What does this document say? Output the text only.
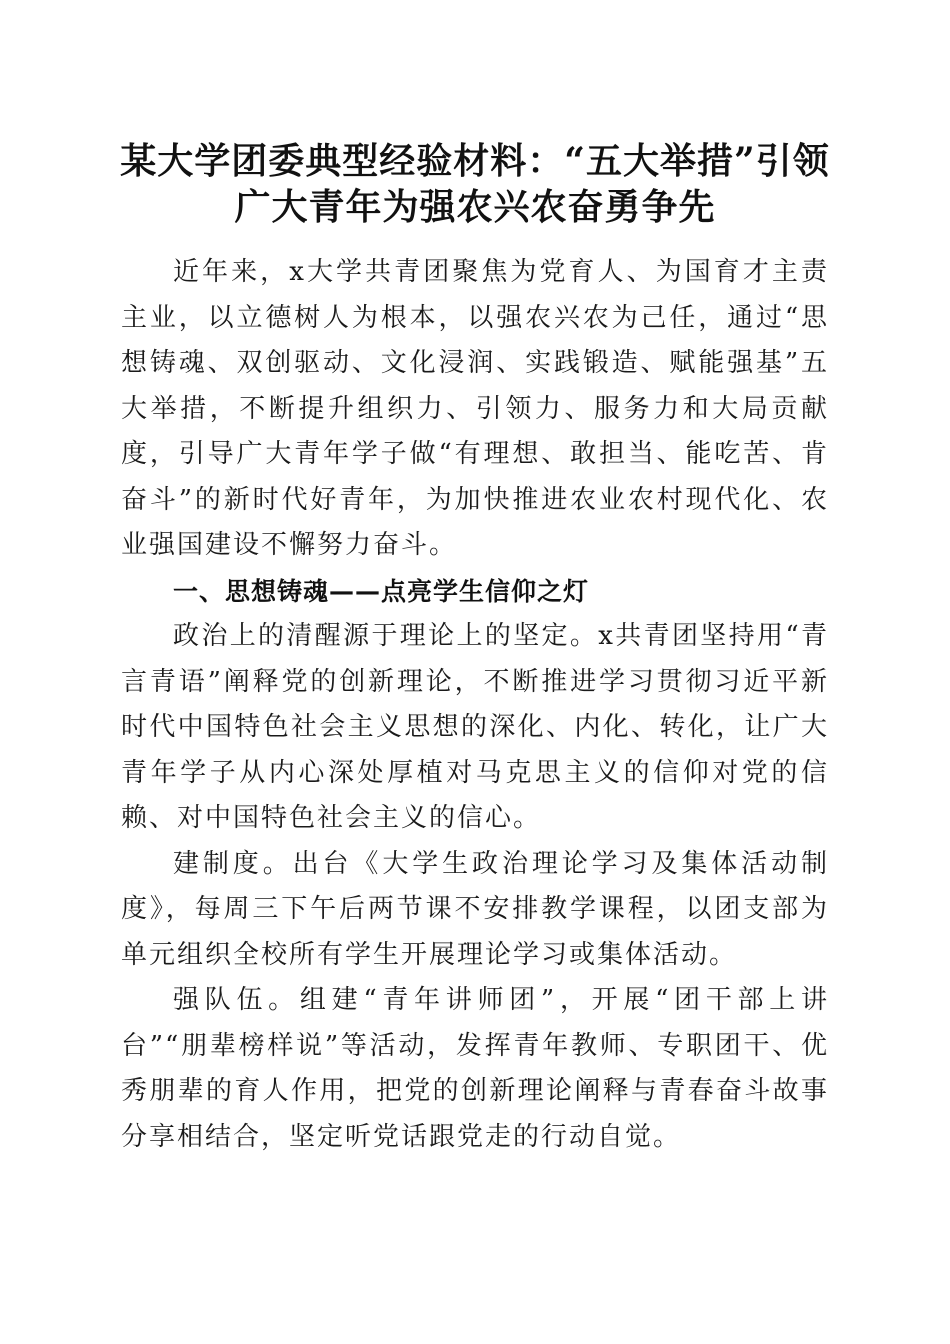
某大学团委典型经验材料：“五大举措”引领
广大青年为强农兴农奋勇争先

近年来，x大学共青团聚焦为党育人、为国育才主责主业，以立德树人为根本，以强农兴农为己任，通过“思想铸魂、双创驱动、文化浸润、实践锻造、赋能强基”五大举措，不断提升组织力、引领力、服务力和大局贡献度，引导广大青年学子做“有理想、敢担当、能吃苦、肯奋斗”的新时代好青年，为加快推进农业农村现代化、农业强国建设不懈努力奋斗。

一、思想铸魂——点亮学生信仰之灯

政治上的清醒源于理论上的坚定。x共青团坚持用“青言青语”阐释党的创新理论，不断推进学习贯彻习近平新时代中国特色社会主义思想的深化、内化、转化，让广大青年学子从内心深处厚植对马克思主义的信仰对党的信赖、对中国特色社会主义的信心。

建制度。出台《大学生政治理论学习及集体活动制度》，每周三下午后两节课不安排教学课程，以团支部为单元组织全校所有学生开展理论学习或集体活动。

强队伍。组建“青年讲师团”，开展“团干部上讲台”“朋辈榜样说”等活动，发挥青年教师、专职团干、优秀朋辈的育人作用，把党的创新理论阐释与青春奋斗故事分享相结合，坚定听党话跟党走的行动自觉。
